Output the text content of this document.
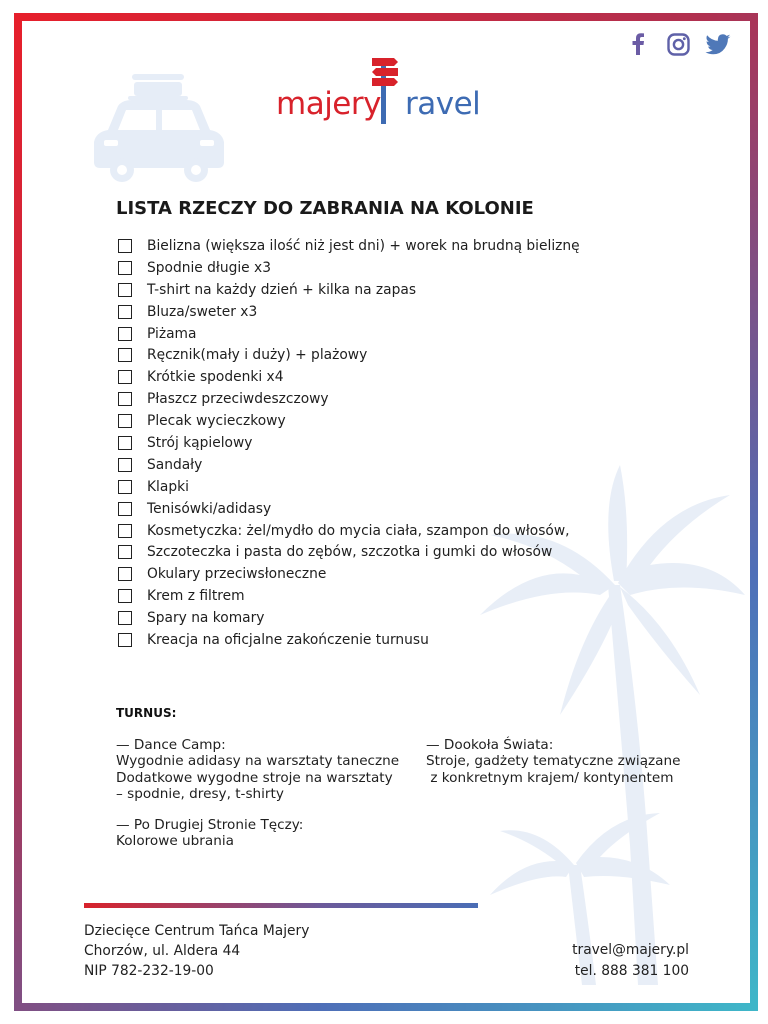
majery ravel
LISTA RZECZY DO ZABRANIA NA KOLONIE
Bielizna (większa ilość niż jest dni) + worek na brudną bieliznę
Spodnie długie x3
T-shirt na każdy dzień + kilka na zapas
Bluza/sweter x3
Piżama
Ręcznik(mały i duży) + plażowy
Krótkie spodenki x4
Płaszcz przeciwdeszczowy
Plecak wycieczkowy
Strój kąpielowy
Sandały
Klapki
Tenisówki/adidasy
Kosmetyczka: żel/mydło do mycia ciała, szampon do włosów,
Szczoteczka i pasta do zębów, szczotka i gumki do włosów
Okulary przeciwsłoneczne
Krem z filtrem
Spary na komary
Kreacja na oficjalne zakończenie turnusu
TURNUS:
— Dance Camp:
Wygodnie adidasy na warsztaty taneczne
Dodatkowe wygodne stroje na warsztaty
– spodnie, dresy, t-shirty
— Dookoła Świata:
Stroje, gadżety tematyczne związane
z konkretnym krajem/ kontynentem
— Po Drugiej Stronie Tęczy:
Kolorowe ubrania
Dziecięce Centrum Tańca Majery
Chorzów, ul. Aldera 44
NIP 782-232-19-00
travel@majery.pl
tel. 888 381 100
